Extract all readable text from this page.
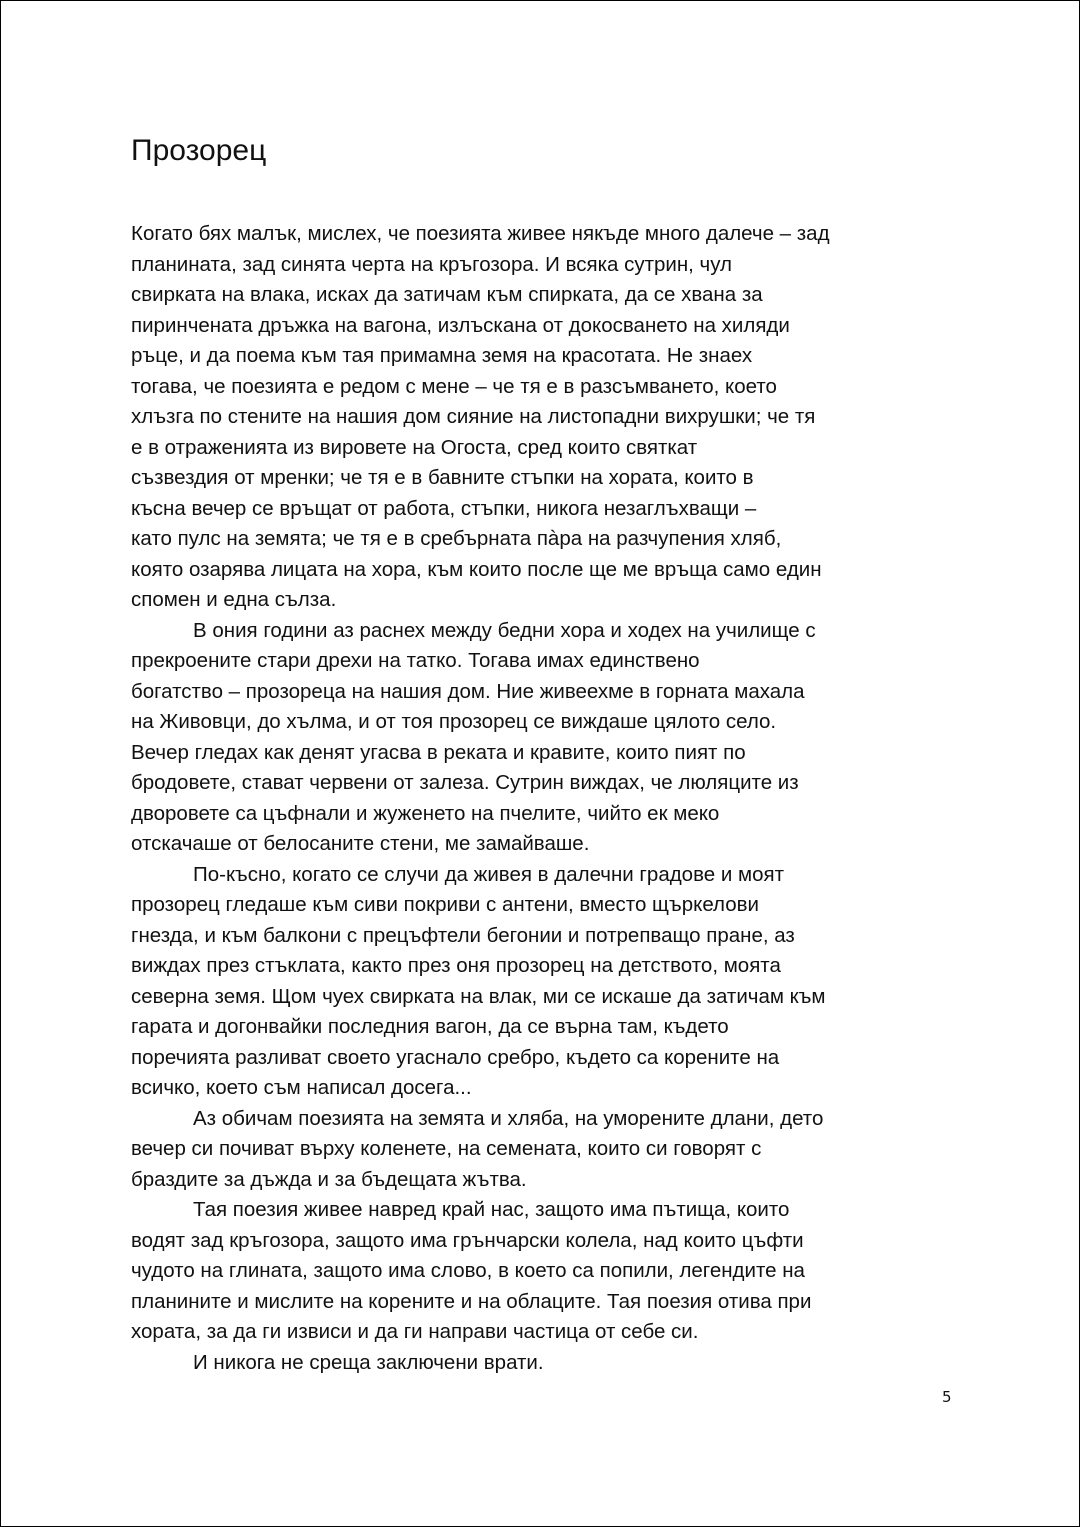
Прозорец
Когато бях малък, мислех, че поезията живее някъде много далече – зад
планината, зад синята черта на кръгозора. И всяка сутрин, чул
свирката на влака, исках да затичам към спирката, да се хвана за
пиринчената дръжка на вагона, излъскана от докосването на хиляди
ръце, и да поема към тая примамна земя на красотата. Не знаех
тогава, че поезията е редом с мене – че тя е в разсъмването, което
хлъзга по стените на нашия дом сияние на листопадни вихрушки; че тя
е в отраженията из вировете на Огоста, сред които святкат
съзвездия от мренки; че тя е в бавните стъпки на хората, които в
късна вечер се връщат от работа, стъпки, никога незаглъхващи –
като пулс на земята; че тя е в сребърната пàра на разчупения хляб,
която озарява лицата на хора, към които после ще ме връща само един
спомен и една сълза.
В ония години аз раснех между бедни хора и ходех на училище с
прекроените стари дрехи на татко. Тогава имах единствено
богатство – прозореца на нашия дом. Ние живеехме в горната махала
на Живовци, до хълма, и от тоя прозорец се виждаше цялото село.
Вечер гледах как денят угасва в реката и кравите, които пият по
бродовете, стават червени от залеза. Сутрин виждах, че люляците из
дворовете са цъфнали и жуженето на пчелите, чийто ек меко
отскачаше от белосаните стени, ме замайваше.
По-късно, когато се случи да живея в далечни градове и моят
прозорец гледаше към сиви покриви с антени, вместо щъркелови
гнезда, и към балкони с прецъфтели бегонии и потрепващо пране, аз
виждах през стъклата, както през оня прозорец на детството, моята
северна земя. Щом чуех свирката на влак, ми се искаше да затичам към
гарата и догонвайки последния вагон, да се върна там, където
поречията разливат своето угаснало сребро, където са корените на
всичко, което съм написал досега...
Аз обичам поезията на земята и хляба, на уморените длани, дето
вечер си почиват върху коленете, на семената, които си говорят с
браздите за дъжда и за бъдещата жътва.
Тая поезия живее навред край нас, защото има пътища, които
водят зад кръгозора, защото има грънчарски колела, над които цъфти
чудото на глината, защото има слово, в което са попили, легендите на
планините и мислите на корените и на облаците. Тая поезия отива при
хората, за да ги извиси и да ги направи частица от себе си.
И никога не среща заключени врати.
5
